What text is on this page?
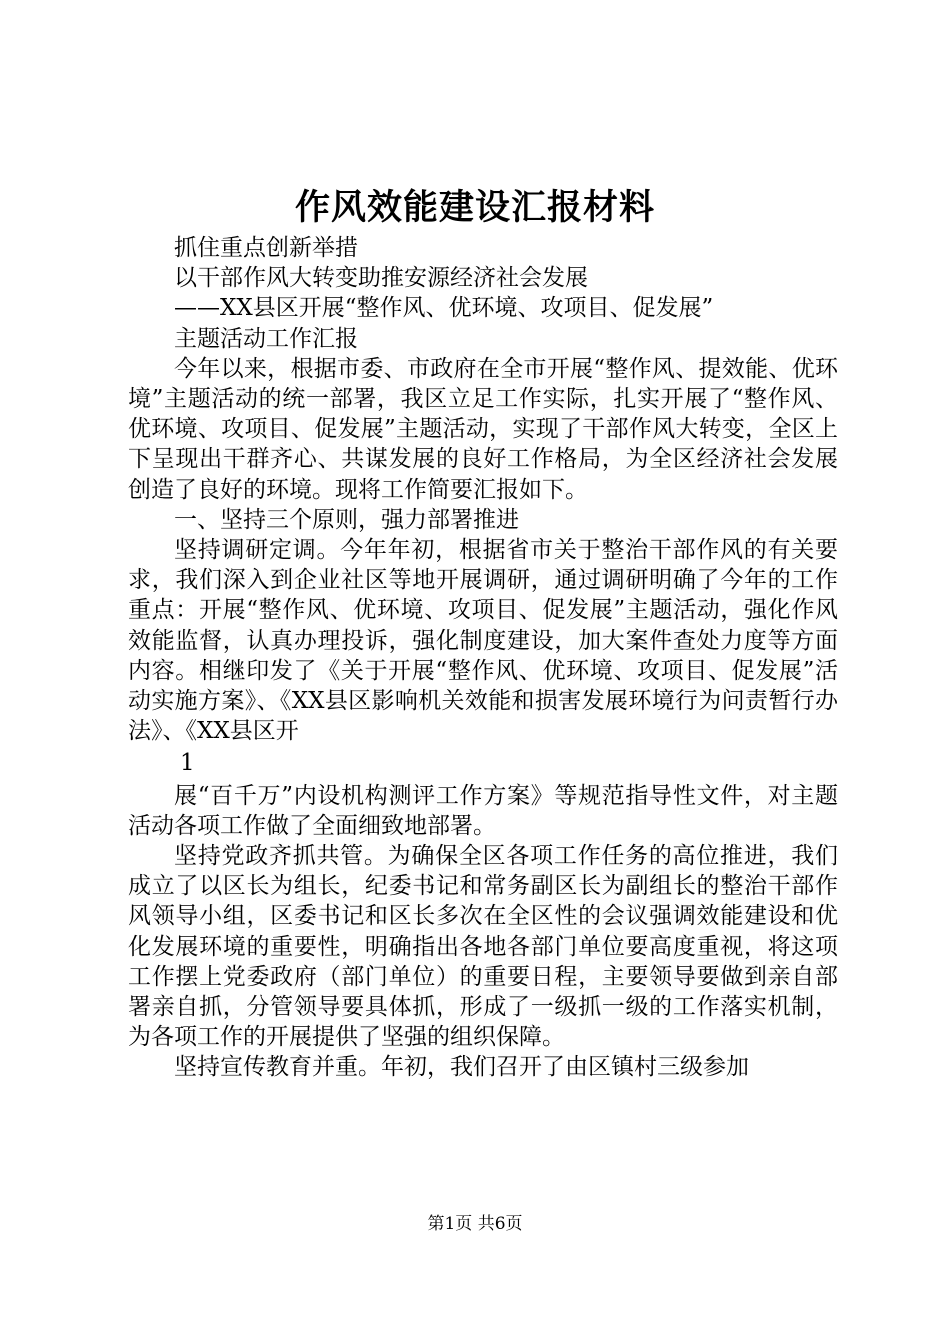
作风效能建设汇报材料

抓住重点创新举措

以干部作风大转变助推安源经济社会发展

——XX县区开展“整作风、优环境、攻项目、促发展”

主题活动工作汇报

今年以来，根据市委、市政府在全市开展“整作风、提效能、优环境”主题活动的统一部署，我区立足工作实际，扎实开展了“整作风、优环境、攻项目、促发展”主题活动，实现了干部作风大转变，全区上下呈现出干群齐心、共谋发展的良好工作格局，为全区经济社会发展创造了良好的环境。现将工作简要汇报如下。

一、坚持三个原则，强力部署推进

坚持调研定调。今年年初，根据省市关于整治干部作风的有关要求，我们深入到企业社区等地开展调研，通过调研明确了今年的工作重点：开展“整作风、优环境、攻项目、促发展”主题活动，强化作风效能监督，认真办理投诉，强化制度建设，加大案件查处力度等方面内容。相继印发了《关于开展“整作风、优环境、攻项目、促发展”活动实施方案》、《XX县区影响机关效能和损害发展环境行为问责暂行办法》、《XX县区开

1

展“百千万”内设机构测评工作方案》等规范指导性文件，对主题活动各项工作做了全面细致地部署。

坚持党政齐抓共管。为确保全区各项工作任务的高位推进，我们成立了以区长为组长，纪委书记和常务副区长为副组长的整治干部作风领导小组，区委书记和区长多次在全区性的会议强调效能建设和优化发展环境的重要性，明确指出各地各部门单位要高度重视，将这项工作摆上党委政府（部门单位）的重要日程，主要领导要做到亲自部署亲自抓，分管领导要具体抓，形成了一级抓一级的工作落实机制，为各项工作的开展提供了坚强的组织保障。

坚持宣传教育并重。年初，我们召开了由区镇村三级参加

第1页 共6页
